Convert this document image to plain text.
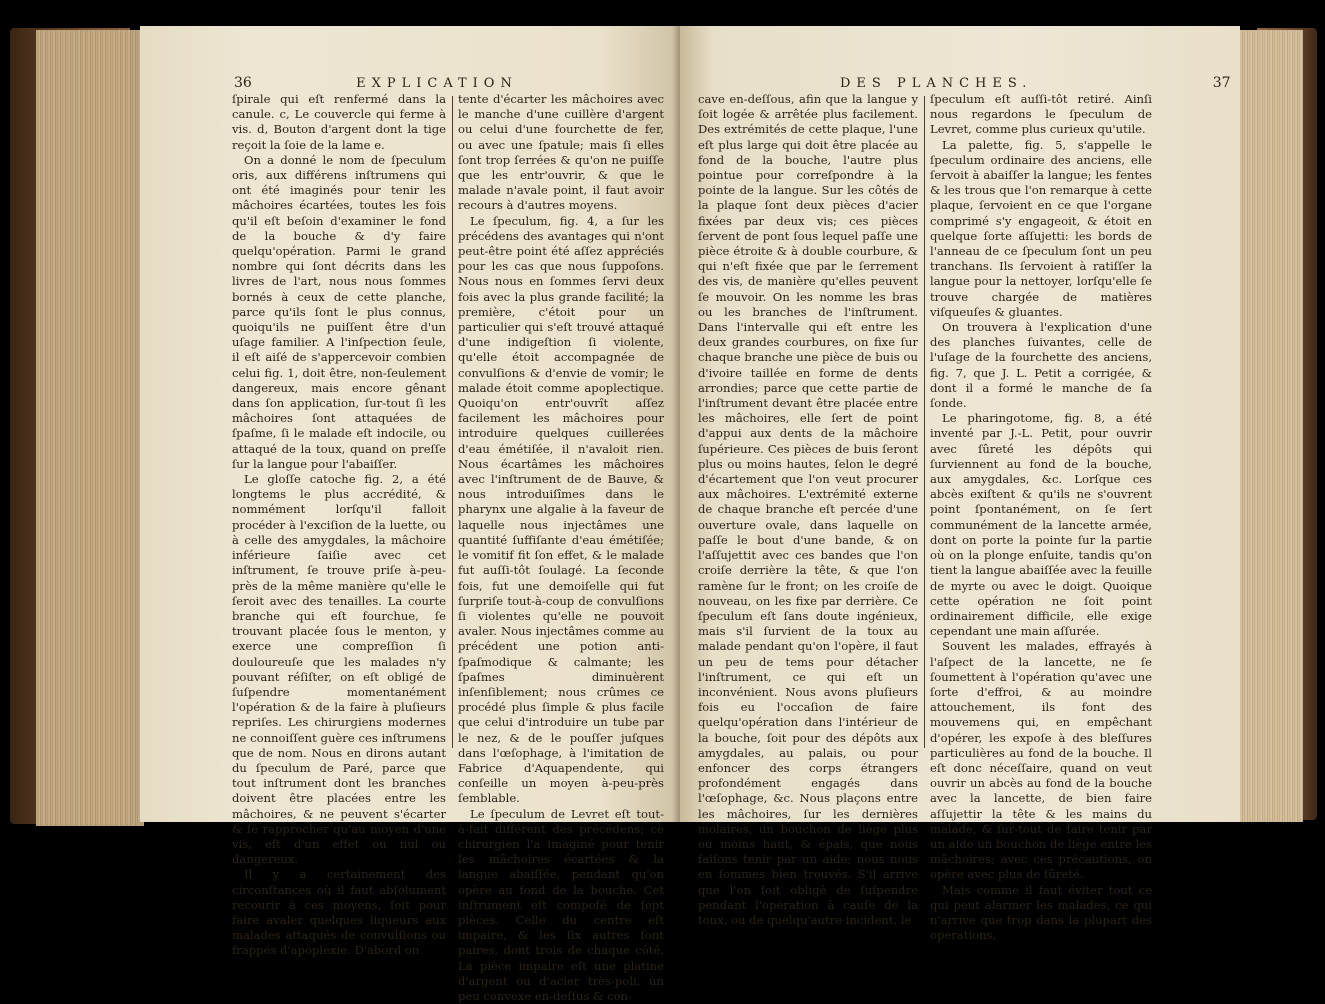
36	EXPLICATION

ſpirale qui eſt renfermé dans la canule. c, Le couvercle qui ferme à vis. d, Bouton d'argent dont la tige reçoit la ſoie de la lame e.

On a donné le nom de ſpeculum oris, aux différens inſtrumens qui ont été imaginés pour tenir les mâchoires écartées, toutes les fois qu'il eſt beſoin d'examiner le fond de la bouche & d'y faire quelqu'opération. Parmi le grand nombre qui ſont décrits dans les livres de l'art, nous nous ſommes bornés à ceux de cette planche, parce qu'ils ſont le plus connus, quoiqu'ils ne puiſſent être d'un uſage familier. A l'inſpection ſeule, il eſt aiſé de s'appercevoir combien celui fig. 1, doit être, non-ſeulement dangereux, mais encore gênant dans ſon application, ſur-tout ſi les mâchoires ſont attaquées de ſpaſme, ſi le malade eſt indocile, ou attaqué de la toux, quand on preſſe ſur la langue pour l'abaiſſer.

Le gloſſe catoche fig. 2, a été longtems le plus accrédité, & nommément lorſqu'il falloit procéder à l'exciſion de la luette, ou à celle des amygdales, la mâchoire inférieure ſaiſie avec cet inſtrument, ſe trouve priſe à-peu-près de la même manière qu'elle le ſeroit avec des tenailles. La courte branche qui eſt fourchue, ſe trouvant placée ſous le menton, y exerce une compreſſion ſi douloureuſe que les malades n'y pouvant réſiſter, on eſt obligé de ſuſpendre momentanément l'opération & de la faire à pluſieurs repriſes. Les chirurgiens modernes ne connoiſſent guère ces inſtrumens que de nom. Nous en dirons autant du ſpeculum de Paré, parce que tout inſtrument dont les branches doivent être placées entre les mâchoires, & ne peuvent s'écarter & ſe rapprocher qu'au moyen d'une vis, eſt d'un effet ou nul ou dangereux.

Il y a certainement des circonſtances où il faut abſolument recourir à ces moyens, ſoit pour faire avaler quelques liqueurs aux malades attaqués de convulſions ou frappés d'apoplexie. D'abord on

tente d'écarter les mâchoires avec le manche d'une cuillère d'argent ou celui d'une fourchette de fer, ou avec une ſpatule; mais ſi elles ſont trop ſerrées & qu'on ne puiſſe que les entr'ouvrir, & que le malade n'avale point, il faut avoir recours à d'autres moyens.

Le ſpeculum, fig. 4, a ſur les précédens des avantages qui n'ont peut-être point été aſſez appréciés pour les cas que nous ſuppoſons. Nous nous en ſommes ſervi deux fois avec la plus grande facilité; la première, c'étoit pour un particulier qui s'eſt trouvé attaqué d'une indigeſtion ſi violente, qu'elle étoit accompagnée de convulſions & d'envie de vomir; le malade étoit comme apoplectique. Quoiqu'on entr'ouvrît aſſez facilement les mâchoires pour introduire quelques cuillerées d'eau émétiſée, il n'avaloit rien. Nous écartâmes les mâchoires avec l'inſtrument de de Bauve, & nous introduiſîmes dans le pharynx une algalie à la faveur de laquelle nous injectâmes une quantité ſuffiſante d'eau émétiſée; le vomitif fit ſon effet, & le malade fut auſſi-tôt ſoulagé. La ſeconde fois, fut une demoiſelle qui fut ſurpriſe tout-à-coup de convulſions ſi violentes qu'elle ne pouvoit avaler. Nous injectâmes comme au précédent une potion anti-ſpaſmodique & calmante; les ſpaſmes diminuèrent inſenſiblement; nous crûmes ce procédé plus ſimple & plus facile que celui d'introduire un tube par le nez, & de le pouſſer juſques dans l'œſophage, à l'imitation de Fabrice d'Aquapendente, qui conſeille un moyen à-peu-près ſemblable.

Le ſpeculum de Levret eſt tout-à-fait différent des précédens; ce chirurgien l'a imaginé pour tenir les mâchoires écartées & la langue abaiſſée, pendant qu'on opère au fond de la bouche. Cet inſtrument eſt compoſé de ſept pièces. Celle du centre eſt impaire, & les ſix autres ſont paires, dont trois de chaque côté. La pièce impaire eſt une platine d'argent ou d'acier très-poli, un peu convexe en-deſſus & con-

DES PLANCHES.	37

cave en-deſſous, afin que la langue y ſoit logée & arrêtée plus facilement. Des extrémités de cette plaque, l'une eſt plus large qui doit être placée au fond de la bouche, l'autre plus pointue pour correſpondre à la pointe de la langue. Sur les côtés de la plaque ſont deux pièces d'acier fixées par deux vis; ces pièces ſervent de pont ſous lequel paſſe une pièce étroite & à double courbure, & qui n'eſt fixée que par le ſerrement des vis, de manière qu'elles peuvent ſe mouvoir. On les nomme les bras ou les branches de l'inſtrument. Dans l'intervalle qui eſt entre les deux grandes courbures, on fixe ſur chaque branche une pièce de buis ou d'ivoire taillée en forme de dents arrondies; parce que cette partie de l'inſtrument devant être placée entre les mâchoires, elle ſert de point d'appui aux dents de la mâchoire ſupérieure. Ces pièces de buis ſeront plus ou moins hautes, ſelon le degré d'écartement que l'on veut procurer aux mâchoires. L'extrémité externe de chaque branche eſt percée d'une ouverture ovale, dans laquelle on paſſe le bout d'une bande, & on l'aſſujettit avec ces bandes que l'on croiſe derrière la tête, & que l'on ramène ſur le front; on les croiſe de nouveau, on les fixe par derrière. Ce ſpeculum eſt ſans doute ingénieux, mais s'il ſurvient de la toux au malade pendant qu'on l'opère, il faut un peu de tems pour détacher l'inſtrument, ce qui eſt un inconvénient. Nous avons pluſieurs fois eu l'occaſion de faire quelqu'opération dans l'intérieur de la bouche, ſoit pour des dépôts aux amygdales, au palais, ou pour enfoncer des corps étrangers profondément engagés dans l'œſophage, &c. Nous plaçons entre les mâchoires, ſur les dernières molaires, un bouchon de liège plus ou moins haut, & épais, que nous faiſons tenir par un aide; nous nous en ſommes bien trouvés. S'il arrive que l'on ſoit obligé de ſuſpendre pendant l'opération à cauſe de la toux, ou de quelqu'autre incident, le

ſpeculum eſt auſſi-tôt retiré. Ainſi nous regardons le ſpeculum de Levret, comme plus curieux qu'utile.

La palette, fig. 5, s'appelle le ſpeculum ordinaire des anciens, elle ſervoit à abaiſſer la langue; les fentes & les trous que l'on remarque à cette plaque, ſervoient en ce que l'organe comprimé s'y engageoit, & étoit en quelque ſorte aſſujetti: les bords de l'anneau de ce ſpeculum ſont un peu tranchans. Ils ſervoient à ratiſſer la langue pour la nettoyer, lorſqu'elle ſe trouve chargée de matières viſqueuſes & gluantes.

On trouvera à l'explication d'une des planches ſuivantes, celle de l'uſage de la fourchette des anciens, fig. 7, que J. L. Petit a corrigée, & dont il a formé le manche de ſa ſonde.

Le pharingotome, fig. 8, a été inventé par J.-L. Petit, pour ouvrir avec ſûreté les dépôts qui ſurviennent au fond de la bouche, aux amygdales, &c. Lorſque ces abcès exiſtent & qu'ils ne s'ouvrent point ſpontanément, on ſe ſert communément de la lancette armée, dont on porte la pointe ſur la partie où on la plonge enſuite, tandis qu'on tient la langue abaiſſée avec la feuille de myrte ou avec le doigt. Quoique cette opération ne ſoit point ordinairement difficile, elle exige cependant une main aſſurée.

Souvent les malades, effrayés à l'aſpect de la lancette, ne ſe ſoumettent à l'opération qu'avec une ſorte d'effroi, & au moindre attouchement, ils font des mouvemens qui, en empêchant d'opérer, les expoſe à des bleſſures particulières au fond de la bouche. Il eſt donc néceſſaire, quand on veut ouvrir un abcès au fond de la bouche avec la lancette, de bien faire aſſujettir la tête & les mains du malade, & ſur-tout de faire tenir par un aide un bouchon de liège entre les mâchoires; avec ces précautions, on opère avec plus de ſûreté.

Mais comme il faut éviter tout ce qui peut alarmer les malades, ce qui n'arrive que trop dans la plupart des opérations,
